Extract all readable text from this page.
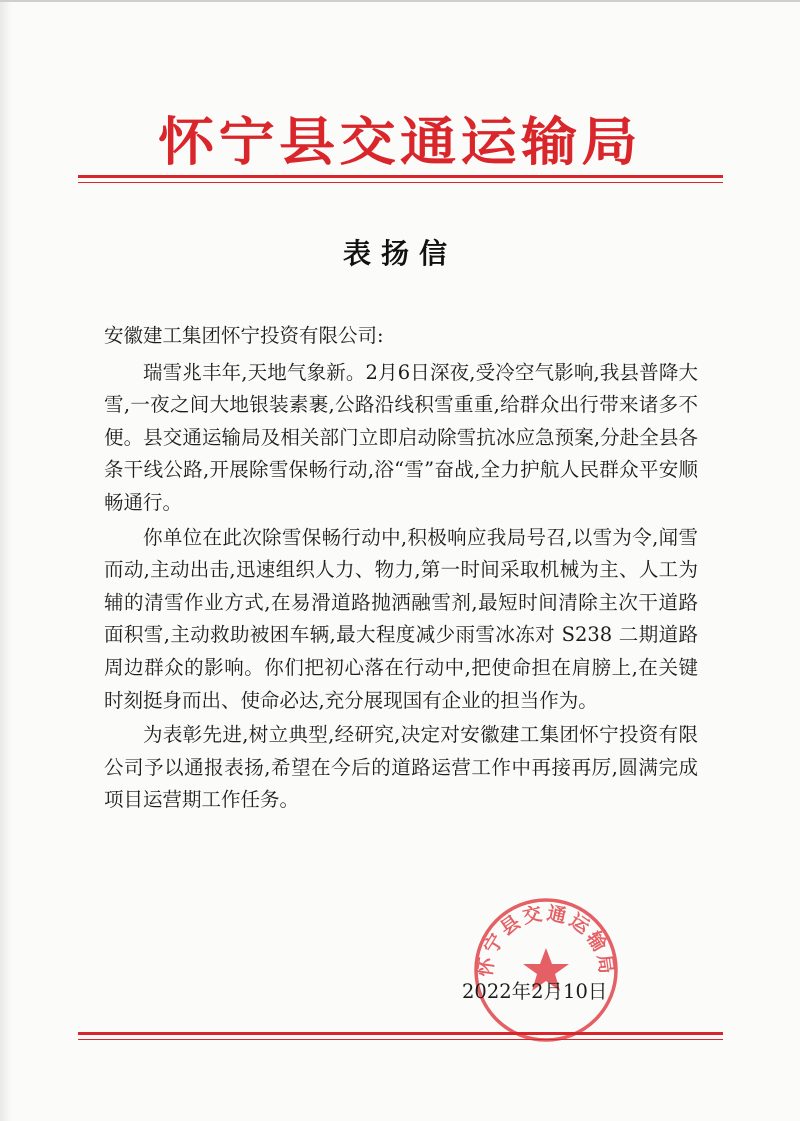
怀宁县交通运输局
表扬信

安徽建工集团怀宁投资有限公司:

瑞雪兆丰年,天地气象新。2月6日深夜,受冷空气影响,我县普降大雪,一夜之间大地银装素裹,公路沿线积雪重重,给群众出行带来诸多不便。县交通运输局及相关部门立即启动除雪抗冰应急预案,分赴全县各条干线公路,开展除雪保畅行动,浴“雪”奋战,全力护航人民群众平安顺畅通行。

你单位在此次除雪保畅行动中,积极响应我局号召,以雪为令,闻雪而动,主动出击,迅速组织人力、物力,第一时间采取机械为主、人工为辅的清雪作业方式,在易滑道路抛洒融雪剂,最短时间清除主次干道路面积雪,主动救助被困车辆,最大程度减少雨雪冰冻对 S238 二期道路周边群众的影响。你们把初心落在行动中,把使命担在肩膀上,在关键时刻挺身而出、使命必达,充分展现国有企业的担当作为。

为表彰先进,树立典型,经研究,决定对安徽建工集团怀宁投资有限公司予以通报表扬,希望在今后的道路运营工作中再接再厉,圆满完成项目运营期工作任务。

怀宁县交通运输局
2022年2月10日
